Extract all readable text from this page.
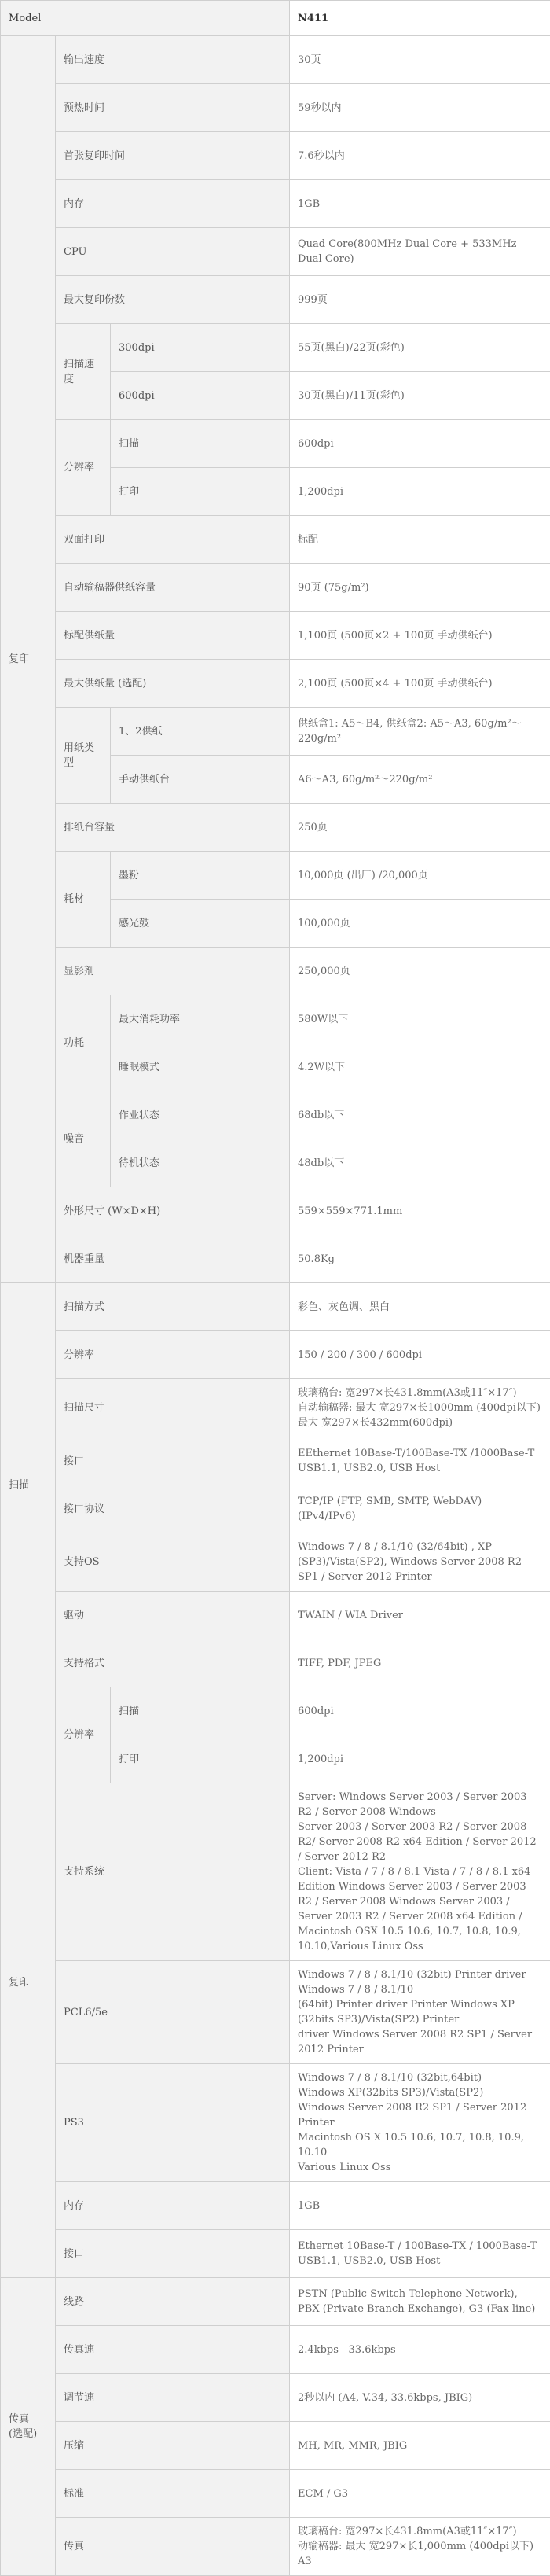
Model			N411
复印	输出速度		30页
	预热时间		59秒以内
	首张复印时间		7.6秒以内
	内存		1GB
	CPU		Quad Core(800MHz Dual Core + 533MHz Dual Core)
	最大复印份数		999页
	扫描速度	300dpi	55页(黑白)/22页(彩色)
		600dpi	30页(黑白)/11页(彩色)
	分辨率	扫描	600dpi
		打印	1,200dpi
	双面打印		标配
	自动输稿器供纸容量		90页 (75g/m²)
	标配供纸量		1,100页 (500页×2 + 100页 手动供纸台)
	最大供纸量 (选配)		2,100页 (500页×4 + 100页 手动供纸台)
	用纸类型	1、2供纸	供纸盒1: A5～B4, 供纸盒2: A5～A3, 60g/m²～220g/m²
		手动供纸台	A6～A3, 60g/m²～220g/m²
	排纸台容量		250页
	耗材	墨粉	10,000页 (出厂) /20,000页
		感光鼓	100,000页
	显影剂		250,000页
	功耗	最大消耗功率	580W以下
		睡眠模式	4.2W以下
	噪音	作业状态	68db以下
		待机状态	48db以下
	外形尺寸 (W×D×H)		559×559×771.1mm
	机器重量		50.8Kg
扫描	扫描方式		彩色、灰色调、黑白
	分辨率		150 / 200 / 300 / 600dpi
	扫描尺寸		玻璃稿台: 宽297×长431.8mm(A3或11″×17″)
自动输稿器: 最大 宽297×长1000mm (400dpi以下)
最大 宽297×长432mm(600dpi)
	接口		EEthernet 10Base-T/100Base-TX /1000Base-T
USB1.1, USB2.0, USB Host
	接口协议		TCP/IP (FTP, SMB, SMTP, WebDAV)
(IPv4/IPv6)
	支持OS		Windows 7 / 8 / 8.1/10 (32/64bit) , XP (SP3)/Vista(SP2), Windows Server 2008 R2 SP1 / Server 2012 Printer
	驱动		TWAIN / WIA Driver
	支持格式		TIFF, PDF, JPEG
复印	分辨率	扫描	600dpi
		打印	1,200dpi
	支持系统		Server: Windows Server 2003 / Server 2003 R2 / Server 2008 Windows
Server 2003 / Server 2003 R2 / Server 2008 R2/ Server 2008 R2 x64 Edition / Server 2012 / Server 2012 R2
Client: Vista / 7 / 8 / 8.1 Vista / 7 / 8 / 8.1 x64 Edition Windows Server 2003 / Server 2003 R2 / Server 2008 Windows Server 2003 /
Server 2003 R2 / Server 2008 x64 Edition / Macintosh OSX 10.5 10.6, 10.7, 10.8, 10.9, 10.10,Various Linux Oss
	PCL6/5e		Windows 7 / 8 / 8.1/10 (32bit) Printer driver Windows 7 / 8 / 8.1/10
(64bit) Printer driver Printer Windows XP (32bits SP3)/Vista(SP2) Printer
driver Windows Server 2008 R2 SP1 / Server 2012 Printer
	PS3		Windows 7 / 8 / 8.1/10 (32bit,64bit)
Windows XP(32bits SP3)/Vista(SP2)
Windows Server 2008 R2 SP1 / Server 2012 Printer
Macintosh OS X 10.5 10.6, 10.7, 10.8, 10.9, 10.10
Various Linux Oss
	内存		1GB
	接口		Ethernet 10Base-T / 100Base-TX / 1000Base-T
USB1.1, USB2.0, USB Host
传真
(选配)	线路		PSTN (Public Switch Telephone Network), PBX (Private Branch Exchange), G3 (Fax line)
	传真速		2.4kbps - 33.6kbps
	调节速		2秒以内 (A4, V.34, 33.6kbps, JBIG)
	压缩		MH, MR, MMR, JBIG
	标准		ECM / G3
	传真		玻璃稿台: 宽297×长431.8mm(A3或11″×17″)
动输稿器: 最大 宽297×长1,000mm (400dpi以下)
A3
